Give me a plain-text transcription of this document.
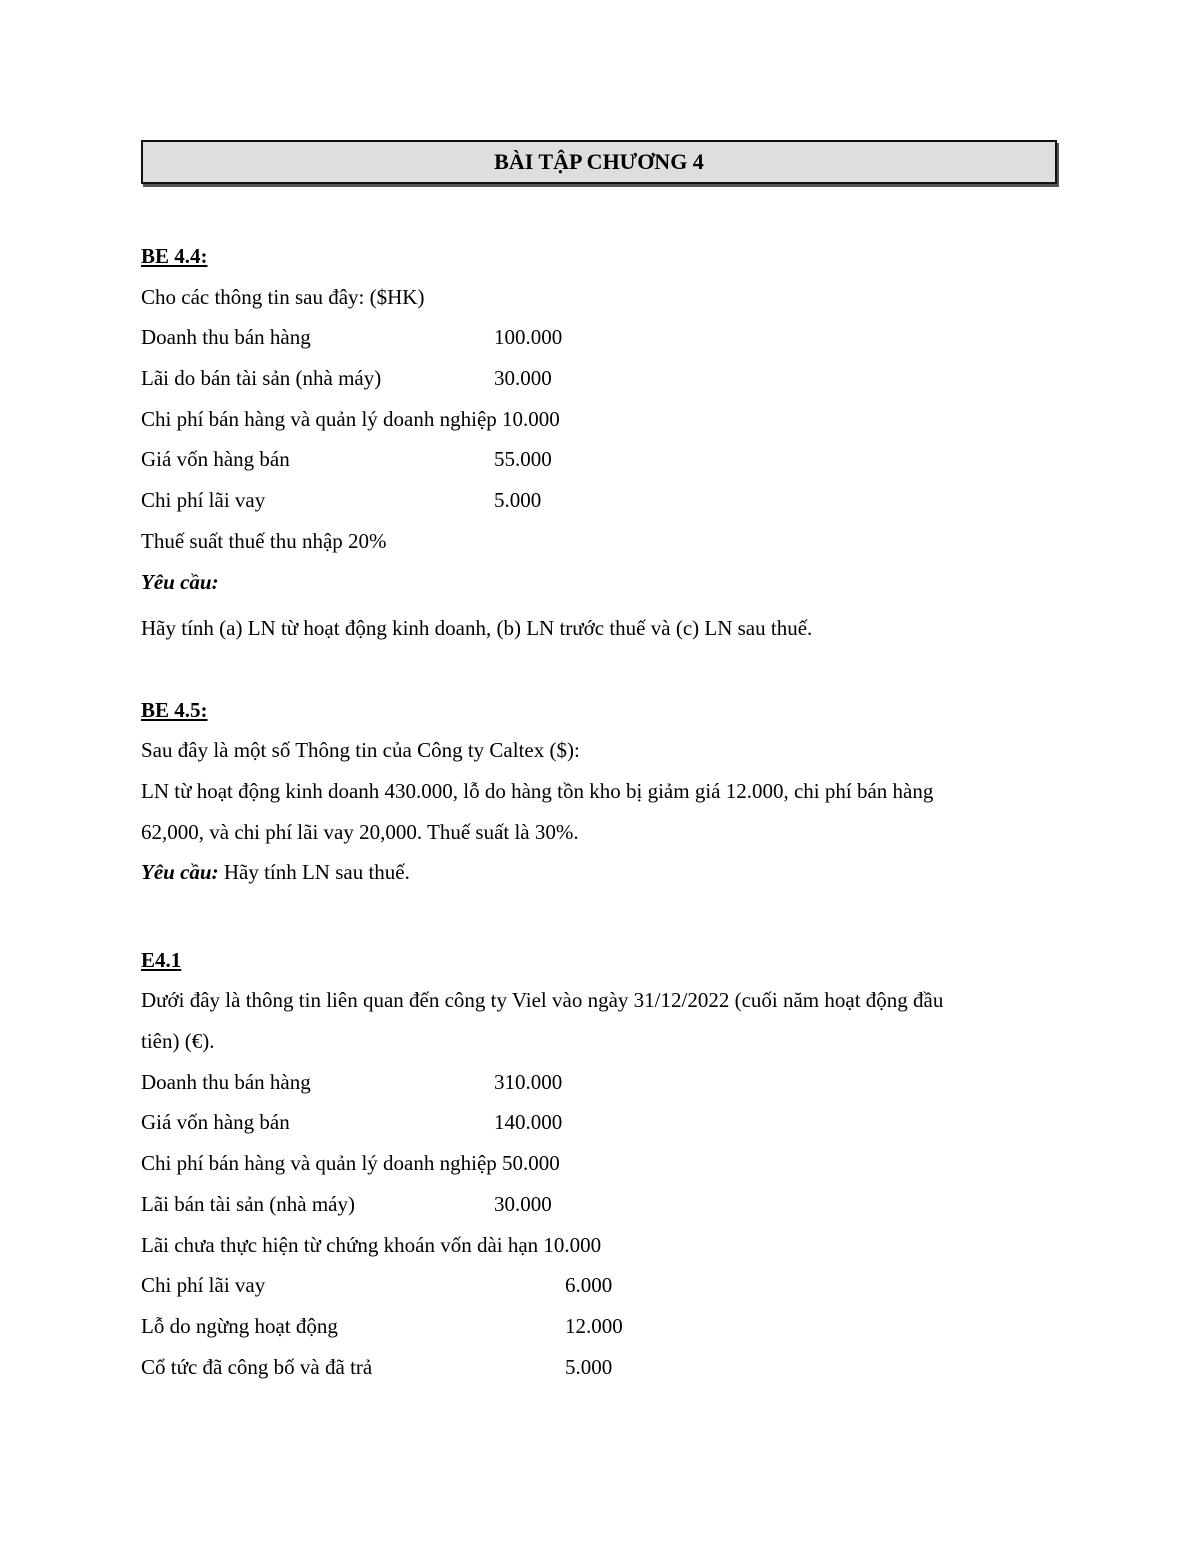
BÀI TẬP CHƯƠNG 4
BE 4.4:
Cho các thông tin sau đây: ($HK)
Doanh thu bán hàng	100.000
Lãi do bán tài sản (nhà máy)	30.000
Chi phí bán hàng và quản lý doanh nghiệp 10.000
Giá vốn hàng bán	55.000
Chi phí lãi vay	5.000
Thuế suất thuế thu nhập 20%
Yêu cầu:
Hãy tính (a) LN từ hoạt động kinh doanh, (b) LN trước thuế và (c) LN sau thuế.
BE 4.5:
Sau đây là một số Thông tin của Công ty Caltex ($):
LN từ hoạt động kinh doanh 430.000, lỗ do hàng tồn kho bị giảm giá 12.000, chi phí bán hàng
62,000, và chi phí lãi vay 20,000. Thuế suất là 30%.
Yêu cầu: Hãy tính LN sau thuế.
E4.1
Dưới đây là thông tin liên quan đến công ty Viel vào ngày 31/12/2022 (cuối năm hoạt động đầu
tiên) (€).
Doanh thu bán hàng	310.000
Giá vốn hàng bán	140.000
Chi phí bán hàng và quản lý doanh nghiệp 50.000
Lãi bán tài sản (nhà máy)	30.000
Lãi chưa thực hiện từ chứng khoán vốn dài hạn 10.000
Chi phí lãi vay	6.000
Lỗ do ngừng hoạt động	12.000
Cổ tức đã công bố và đã trả	5.000
